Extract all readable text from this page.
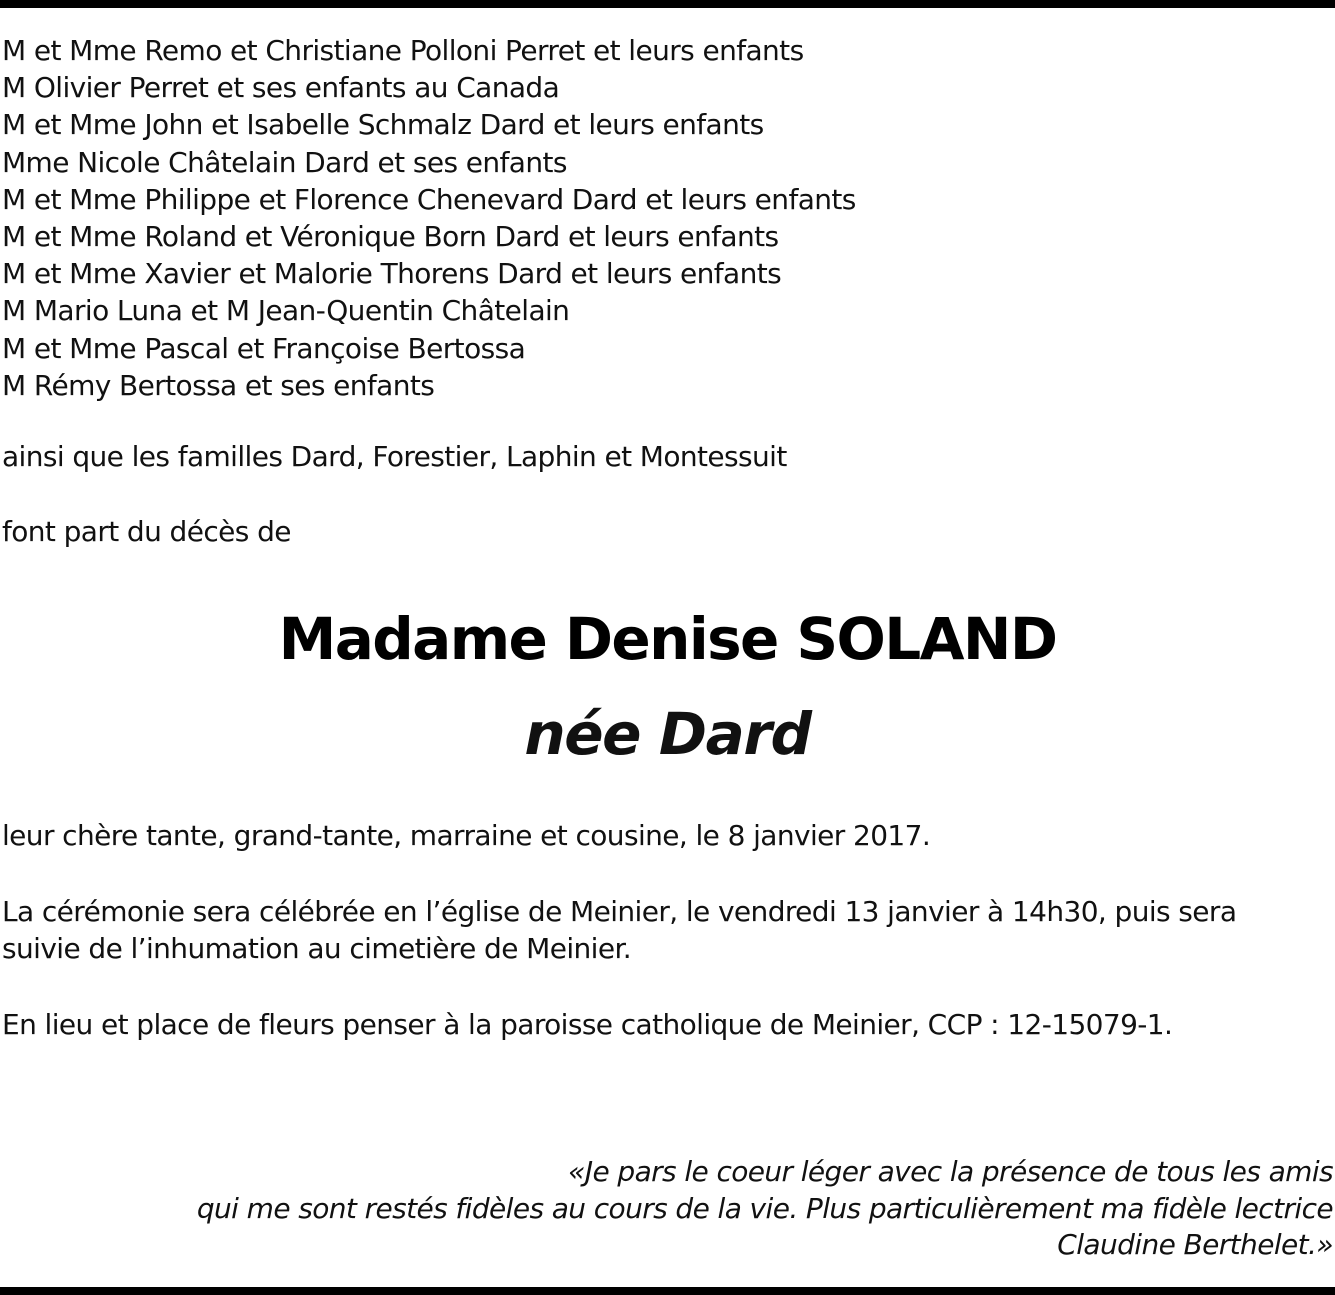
M et Mme Remo et Christiane Polloni Perret et leurs enfants
M Olivier Perret et ses enfants au Canada
M et Mme John et Isabelle Schmalz Dard et leurs enfants
Mme Nicole Châtelain Dard et ses enfants
M et Mme Philippe et Florence Chenevard Dard et leurs enfants
M et Mme Roland et Véronique Born Dard et leurs enfants
M et Mme Xavier et Malorie Thorens Dard et leurs enfants
M Mario Luna et M Jean-Quentin Châtelain
M et Mme Pascal et Françoise Bertossa
M Rémy Bertossa et ses enfants

ainsi que les familles Dard, Forestier, Laphin et Montessuit

font part du décès de

Madame Denise SOLAND
née Dard

leur chère tante, grand-tante, marraine et cousine, le 8 janvier 2017.

La cérémonie sera célébrée en l’église de Meinier, le vendredi 13 janvier à 14h30, puis sera
suivie de l’inhumation au cimetière de Meinier.

En lieu et place de fleurs penser à la paroisse catholique de Meinier, CCP : 12-15079-1.

«Je pars le coeur léger avec la présence de tous les amis
qui me sont restés fidèles au cours de la vie. Plus particulièrement ma fidèle lectrice
Claudine Berthelet.»
